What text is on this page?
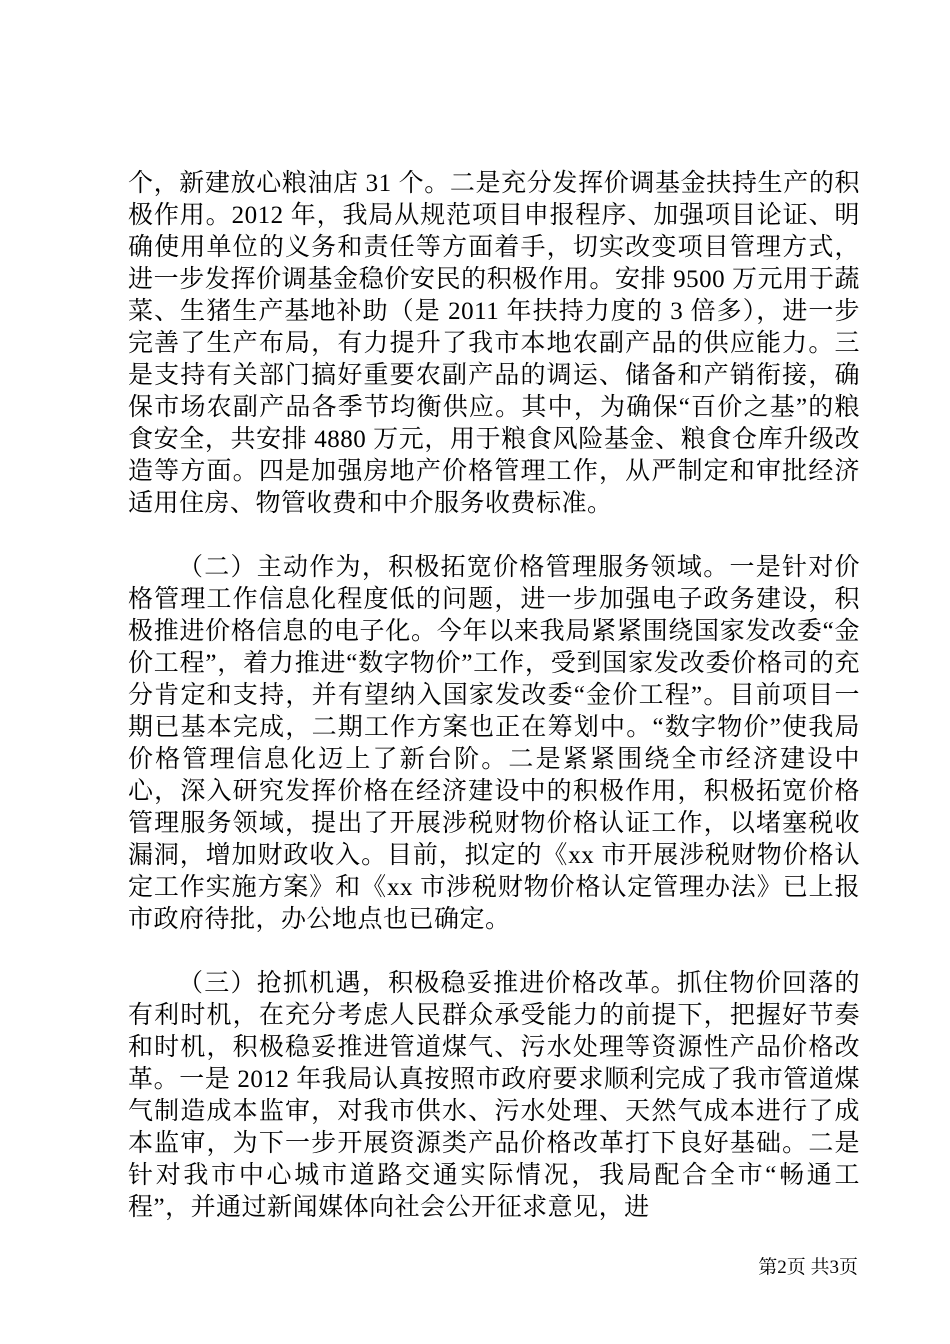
个，新建放心粮油店 31 个。二是充分发挥价调基金扶持生产的积极作用。2012 年，我局从规范项目申报程序、加强项目论证、明确使用单位的义务和责任等方面着手，切实改变项目管理方式，进一步发挥价调基金稳价安民的积极作用。安排 9500 万元用于蔬菜、生猪生产基地补助（是 2011 年扶持力度的 3 倍多），进一步完善了生产布局，有力提升了我市本地农副产品的供应能力。三是支持有关部门搞好重要农副产品的调运、储备和产销衔接，确保市场农副产品各季节均衡供应。其中，为确保“百价之基”的粮食安全，共安排 4880 万元，用于粮食风险基金、粮食仓库升级改造等方面。四是加强房地产价格管理工作，从严制定和审批经济适用住房、物管收费和中介服务收费标准。

（二）主动作为，积极拓宽价格管理服务领域。一是针对价格管理工作信息化程度低的问题，进一步加强电子政务建设，积极推进价格信息的电子化。今年以来我局紧紧围绕国家发改委“金价工程”，着力推进“数字物价”工作，受到国家发改委价格司的充分肯定和支持，并有望纳入国家发改委“金价工程”。目前项目一期已基本完成，二期工作方案也正在筹划中。“数字物价”使我局价格管理信息化迈上了新台阶。二是紧紧围绕全市经济建设中心，深入研究发挥价格在经济建设中的积极作用，积极拓宽价格管理服务领域，提出了开展涉税财物价格认证工作，以堵塞税收漏洞，增加财政收入。目前，拟定的《xx 市开展涉税财物价格认定工作实施方案》和《xx 市涉税财物价格认定管理办法》已上报市政府待批，办公地点也已确定。

（三）抢抓机遇，积极稳妥推进价格改革。抓住物价回落的有利时机，在充分考虑人民群众承受能力的前提下，把握好节奏和时机，积极稳妥推进管道煤气、污水处理等资源性产品价格改革。一是 2012 年我局认真按照市政府要求顺利完成了我市管道煤气制造成本监审，对我市供水、污水处理、天然气成本进行了成本监审，为下一步开展资源类产品价格改革打下良好基础。二是针对我市中心城市道路交通实际情况，我局配合全市“畅通工程”，并通过新闻媒体向社会公开征求意见，进

第2页 共3页
